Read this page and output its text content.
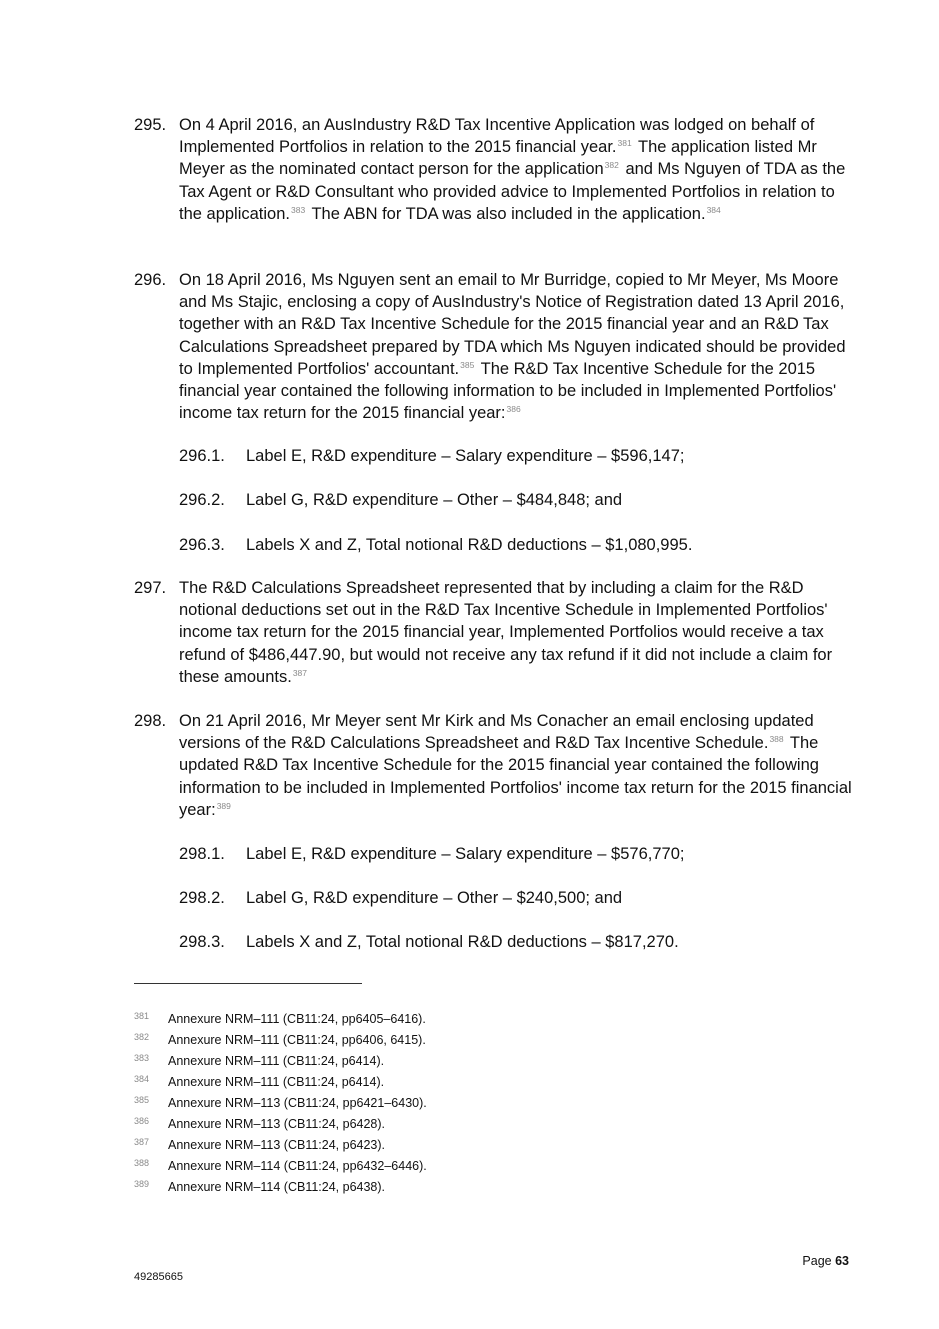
295. On 4 April 2016, an AusIndustry R&D Tax Incentive Application was lodged on behalf of Implemented Portfolios in relation to the 2015 financial year.$^{381}$ The application listed Mr Meyer as the nominated contact person for the application$^{382}$ and Ms Nguyen of TDA as the Tax Agent or R&D Consultant who provided advice to Implemented Portfolios in relation to the application.$^{383}$ The ABN for TDA was also included in the application.$^{384}$
296. On 18 April 2016, Ms Nguyen sent an email to Mr Burridge, copied to Mr Meyer, Ms Moore and Ms Stajic, enclosing a copy of AusIndustry's Notice of Registration dated 13 April 2016, together with an R&D Tax Incentive Schedule for the 2015 financial year and an R&D Tax Calculations Spreadsheet prepared by TDA which Ms Nguyen indicated should be provided to Implemented Portfolios' accountant.$^{385}$ The R&D Tax Incentive Schedule for the 2015 financial year contained the following information to be included in Implemented Portfolios' income tax return for the 2015 financial year:$^{386}$
296.1. Label E, R&D expenditure – Salary expenditure – $596,147;
296.2. Label G, R&D expenditure – Other – $484,848; and
296.3. Labels X and Z, Total notional R&D deductions – $1,080,995.
297. The R&D Calculations Spreadsheet represented that by including a claim for the R&D notional deductions set out in the R&D Tax Incentive Schedule in Implemented Portfolios' income tax return for the 2015 financial year, Implemented Portfolios would receive a tax refund of $486,447.90, but would not receive any tax refund if it did not include a claim for these amounts.$^{387}$
298. On 21 April 2016, Mr Meyer sent Mr Kirk and Ms Conacher an email enclosing updated versions of the R&D Calculations Spreadsheet and R&D Tax Incentive Schedule.$^{388}$ The updated R&D Tax Incentive Schedule for the 2015 financial year contained the following information to be included in Implemented Portfolios' income tax return for the 2015 financial year:$^{389}$
298.1. Label E, R&D expenditure – Salary expenditure – $576,770;
298.2. Label G, R&D expenditure – Other – $240,500; and
298.3. Labels X and Z, Total notional R&D deductions – $817,270.
381 Annexure NRM–111 (CB11:24, pp6405–6416).
382 Annexure NRM–111 (CB11:24, pp6406, 6415).
383 Annexure NRM–111 (CB11:24, p6414).
384 Annexure NRM–111 (CB11:24, p6414).
385 Annexure NRM–113 (CB11:24, pp6421–6430).
386 Annexure NRM–113 (CB11:24, p6428).
387 Annexure NRM–113 (CB11:24, p6423).
388 Annexure NRM–114 (CB11:24, pp6432–6446).
389 Annexure NRM–114 (CB11:24, p6438).
Page 63
49285665
